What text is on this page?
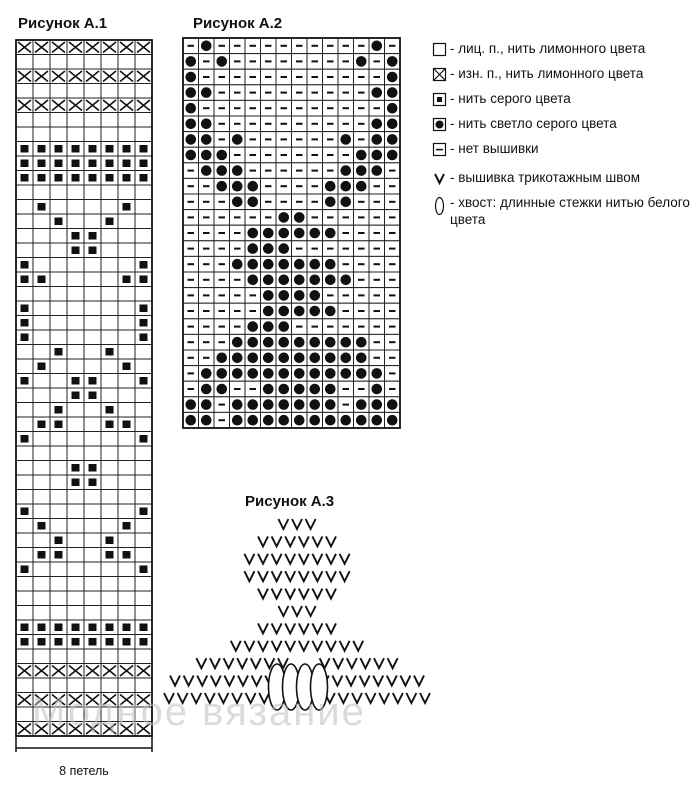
Рисунок А.1	Рисунок А.2
Рисунок А.3
- лиц. п., нить лимонного цвета
- изн. п., нить лимонного цвета
- нить серого цвета
- нить светло серого цвета
- нет вышивки
- вышивка трикотажным швом
- хвост: длинные стежки нитью белого цвета
Модное вязание
8 петель
